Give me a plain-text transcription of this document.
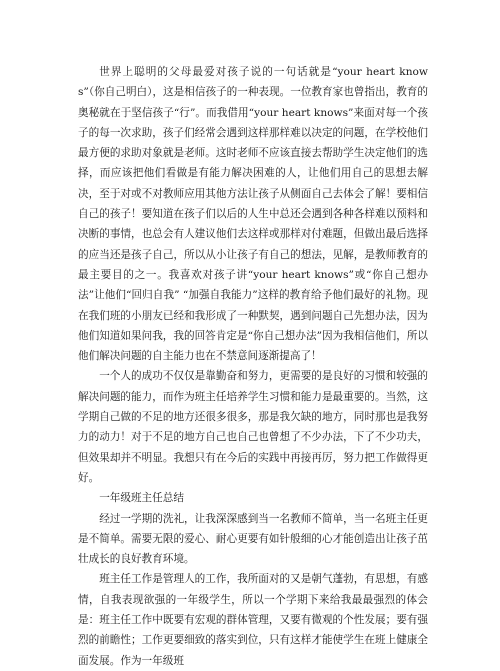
世界上聪明的父母最爱对孩子说的一句话就是“your heart knows”（你自己明白），这是相信孩子的一种表现。一位教育家也曾指出，教育的奥秘就在于坚信孩子“行”。而我借用“your heart knows”来面对每一个孩子的每一次求助，孩子们经常会遇到这样那样难以决定的问题，在学校他们最方便的求助对象就是老师。这时老师不应该直接去帮助学生决定他们的选择，而应该把他们看做是有能力解决困难的人，让他们用自己的思想去解决，至于对或不对教师应用其他方法让孩子从侧面自己去体会了解！要相信自己的孩子！要知道在孩子们以后的人生中总还会遇到各种各样难以预料和决断的事情，也总会有人建议他们去这样或那样对付难题，但做出最后选择的应当还是孩子自己，所以从小让孩子有自己的想法，见解，是教师教育的最主要目的之一。我喜欢对孩子讲“your heart knows”或“你自己想办法”让他们“回归自我” “加强自我能力”这样的教育给予他们最好的礼物。现在我们班的小朋友已经和我形成了一种默契，遇到问题自己先想办法，因为他们知道如果问我，我的回答肯定是“你自己想办法”因为我相信他们，所以他们解决问题的自主能力也在不禁意间逐渐提高了！

一个人的成功不仅仅是靠勤奋和努力，更需要的是良好的习惯和较强的解决问题的能力，而作为班主任培养学生习惯和能力是最重要的。当然，这学期自己做的不足的地方还很多很多，那是我欠缺的地方，同时那也是我努力的动力！对于不足的地方自己也自己也曾想了不少办法，下了不少功夫，但效果却并不明显。我想只有在今后的实践中再接再厉，努力把工作做得更好。

一年级班主任总结

经过一学期的洗礼，让我深深感到当一名教师不简单，当一名班主任更是不简单。需要无限的爱心、耐心更要有如针般细的心才能创造出让孩子茁壮成长的良好教育环境。

班主任工作是管理人的工作，我所面对的又是朝气蓬勃，有思想，有感情，自我表现欲强的一年级学生，所以一个学期下来给我最最强烈的体会是：班主任工作中既要有宏观的群体管理，又要有微观的个性发展；要有强烈的前瞻性；工作更要细致的落实到位，只有这样才能使学生在班上健康全面发展。作为一年级班
